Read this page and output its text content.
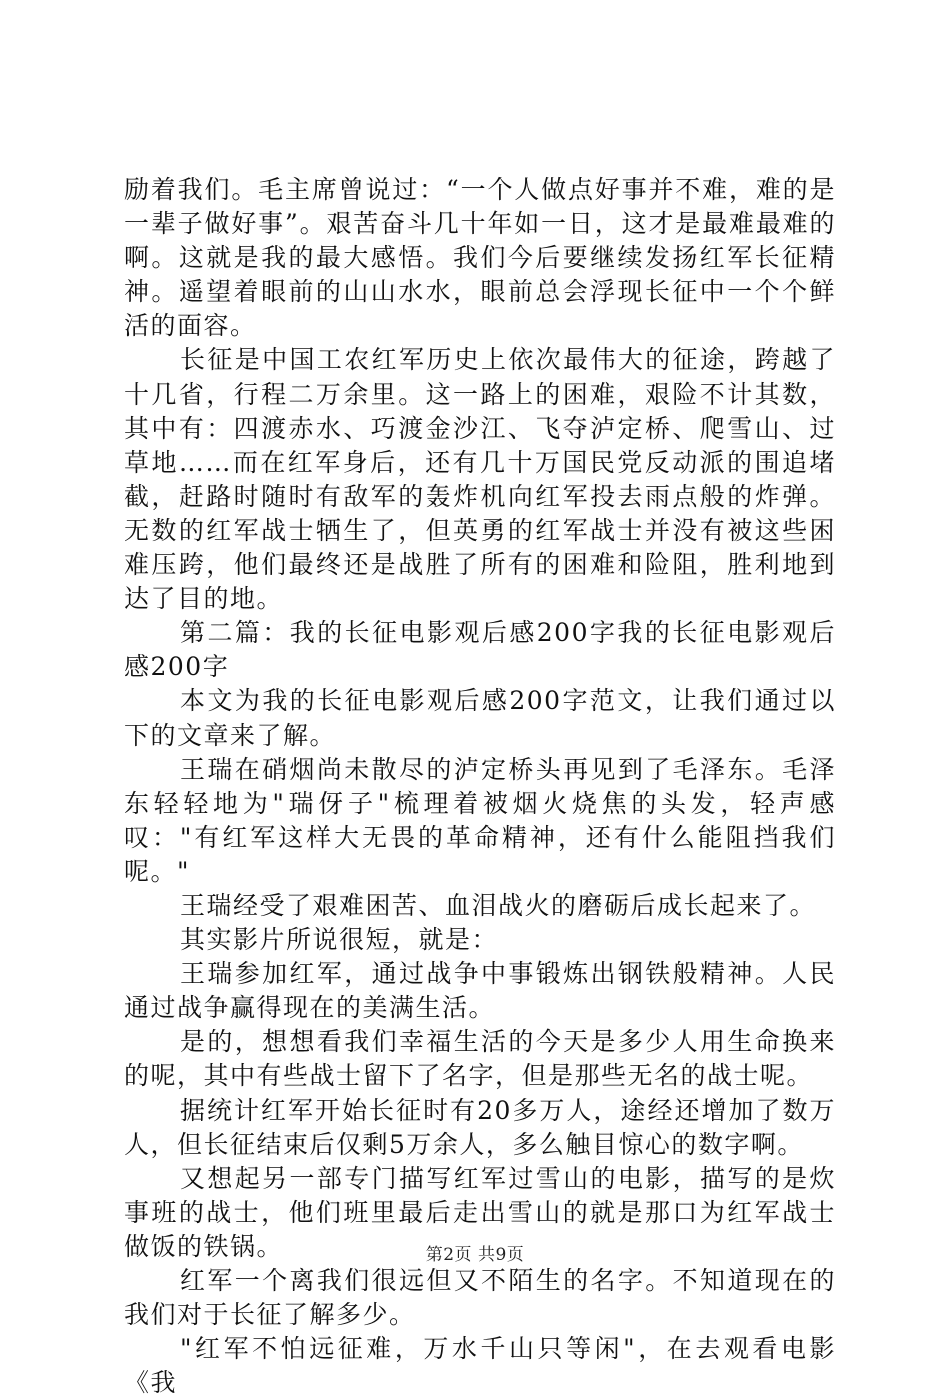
励着我们。毛主席曾说过：“一个人做点好事并不难，难的是一辈子做好事”。艰苦奋斗几十年如一日，这才是最难最难的啊。这就是我的最大感悟。我们今后要继续发扬红军长征精神。遥望着眼前的山山水水，眼前总会浮现长征中一个个鲜活的面容。

长征是中国工农红军历史上依次最伟大的征途，跨越了十几省，行程二万余里。这一路上的困难，艰险不计其数，其中有：四渡赤水、巧渡金沙江、飞夺泸定桥、爬雪山、过草地……而在红军身后，还有几十万国民党反动派的围追堵截，赶路时随时有敌军的轰炸机向红军投去雨点般的炸弹。无数的红军战士牺生了，但英勇的红军战士并没有被这些困难压跨，他们最终还是战胜了所有的困难和险阻，胜利地到达了目的地。

第二篇：我的长征电影观后感200字我的长征电影观后感200字

本文为我的长征电影观后感200字范文，让我们通过以下的文章来了解。

王瑞在硝烟尚未散尽的泸定桥头再见到了毛泽东。毛泽东轻轻地为"瑞伢子"梳理着被烟火烧焦的头发，轻声感叹："有红军这样大无畏的革命精神，还有什么能阻挡我们呢。"

王瑞经受了艰难困苦、血泪战火的磨砺后成长起来了。

其实影片所说很短，就是：

王瑞参加红军，通过战争中事锻炼出钢铁般精神。人民通过战争赢得现在的美满生活。

是的，想想看我们幸福生活的今天是多少人用生命换来的呢，其中有些战士留下了名字，但是那些无名的战士呢。

据统计红军开始长征时有20多万人，途经还增加了数万人，但长征结束后仅剩5万余人，多么触目惊心的数字啊。

又想起另一部专门描写红军过雪山的电影，描写的是炊事班的战士，他们班里最后走出雪山的就是那口为红军战士做饭的铁锅。

红军一个离我们很远但又不陌生的名字。不知道现在的我们对于长征了解多少。

"红军不怕远征难，万水千山只等闲"，在去观看电影《我

第2页 共9页
